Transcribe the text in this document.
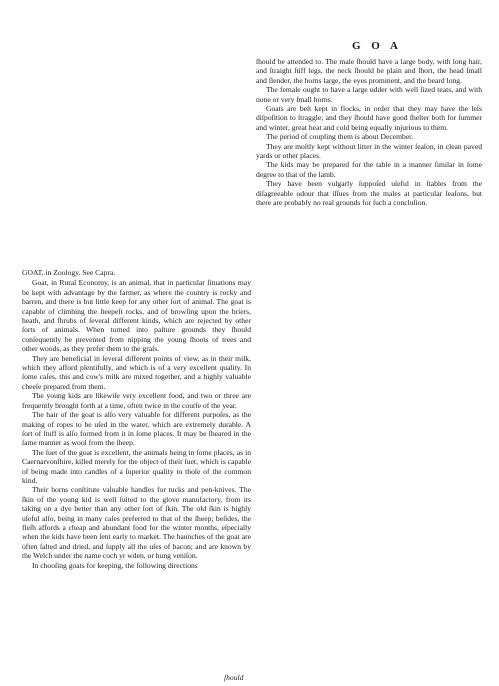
G O A

ſhould be attended to. The male ſhould have a large body, with long hair, and ſtraight ſtiff legs, the neck ſhould be plain and ſhort, the head ſmall and ſlender, the horns large, the eyes prominent, and the beard long.

The female ought to have a large udder with well ſized teats, and with none or very ſmall horns.

Goats are beſt kept in flocks, in order that they may have the leſs diſpoſition to ſtraggle; and they ſhould have good ſhelter both for ſummer and winter, great heat and cold being equally injurious to them.

The period of coupling them is about December.

They are moſtly kept without litter in the winter ſeaſon, in clean paved yards or other places.

The kids may be prepared for the table in a manner ſimilar in ſome degree to that of the lamb.

They have been vulgarly ſuppoſed uſeful in ſtables from the diſagreeable odour that iſſues from the males at particular ſeaſons, but there are probably no real grounds for ſuch a concluſion.

GOAT, in Zoology. See Capra.

Goat, in Rural Economy, is an animal, that in particular ſituations may be kept with advantage by the farmer, as where the country is rocky and barren, and there is but little keep for any other ſort of animal. The goat is capable of climbing the ſteepeſt rocks, and of browſing upon the briers, heath, and ſhrubs of ſeveral different kinds, which are rejected by other ſorts of animals. When turned into paſture grounds they ſhould conſequently be prevented from nipping the young ſhoots of trees and other woods, as they prefer them to the graſs.

They are beneficial in ſeveral different points of view, as in their milk, which they afford plentifully, and which is of a very excellent quality. In ſome caſes, this and cow's milk are mixed together, and a highly valuable cheeſe prepared from them.

The young kids are likewiſe very excellent food, and two or three are frequently brought forth at a time, often twice in the courſe of the year.

The hair of the goat is alſo very valuable for different purpoſes, as the making of ropes to be uſed in the water, which are extremely durable. A ſort of ſtuff is alſo formed from it in ſome places. It may be ſheared in the ſame manner as wool from the ſheep.

The ſuet of the goat is excellent, the animals being in ſome places, as in Caernarvonſhire, killed merely for the object of their ſuet; which is capable of being made into candles of a ſuperior quality to thoſe of the common kind.

Their horns conſtitute valuable handles for tucks and pen-knives. The ſkin of the young kid is well ſuited to the glove manufactory, from its taking on a dye better than any other ſort of ſkin. The old ſkin is highly uſeful alſo, being in many caſes preferred to that of the ſheep; beſides, the fleſh affords a cheap and abundant food for the winter months, eſpecially when the kids have been ſent early to market. The haunches of the goat are often ſalted and dried, and ſupply all the uſes of bacon; and are known by the Welch under the name coch yr wden, or hung veniſon.

In chooſing goats for keeping, the following directions

ſhould
